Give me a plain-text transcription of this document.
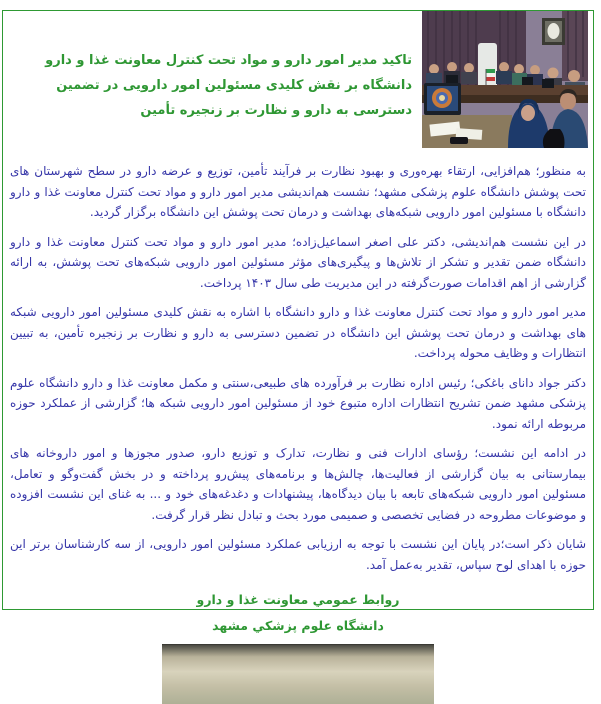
تاکید مدیر امور دارو و مواد تحت کنترل معاونت غذا و دارو دانشگاه بر نقش کلیدی مسئولین امور دارویی در تضمین دسترسی به دارو و نظارت بر زنجیره تأمین

به منظور؛ هم‌افزایی، ارتقاء بهره‌وری و بهبود نظارت بر فرآیند تأمین، توزیع و عرضه دارو در سطح شهرستان های تحت پوشش دانشگاه علوم پزشکی مشهد؛ نشست هم‌اندیشی مدیر امور دارو و مواد تحت کنترل معاونت غذا و دارو دانشگاه با مسئولین امور دارویی شبکه‌های بهداشت و درمان تحت پوشش این دانشگاه برگزار گردید.

در این نشست هم‌اندیشی، دکتر علی اصغر اسماعیل‌زاده؛ مدیر امور دارو و مواد تحت کنترل معاونت غذا و دارو دانشگاه ضمن تقدیر و تشکر از تلاش‌ها و پیگیری‌های مؤثر مسئولین امور دارویی شبکه‌های تحت پوشش، به ارائه گزارشی از اهم اقدامات صورت‌گرفته در این مدیریت طی سال ۱۴۰۳ پرداخت.

مدیر امور دارو و مواد تحت کنترل معاونت غذا و دارو دانشگاه با اشاره به نقش کلیدی مسئولین امور دارویی شبکه های بهداشت و درمان تحت پوشش این دانشگاه در تضمین دسترسی به دارو و نظارت بر زنجیره تأمین، به تبیین انتظارات و وظایف محوله پرداخت.

دکتر جواد دانای باغکی؛ رئیس اداره نظارت بر فرآورده های طبیعی،سنتی و مکمل معاونت غذا و دارو دانشگاه علوم پزشکی مشهد ضمن تشریح انتظارات اداره متبوع خود از مسئولین امور دارویی شبکه ها؛ گزارشی از عملکرد حوزه مربوطه ارائه نمود.

در ادامه این نشست؛ رؤسای ادارات فنی و نظارت، تدارک و توزیع دارو، صدور مجوزها و امور داروخانه های بیمارستانی به بیان گزارشی از فعالیت‌ها، چالش‌ها و برنامه‌های پیش‌رو پرداخته و در بخش گفت‌وگو و تعامل، مسئولین امور دارویی شبکه‌های تابعه با بیان دیدگاه‌ها، پیشنهادات و دغدغه‌های خود و ... به غنای این نشست افزوده و موضوعات مطروحه در فضایی تخصصی و صمیمی مورد بحث و تبادل نظر قرار گرفت.

شایان ذکر است؛در پایان این نشست با توجه به ارزیابی عملکرد مسئولین امور دارویی، از سه کارشناسان برتر این حوزه با اهدای لوح سپاس، تقدیر به‌عمل آمد.

روابط عمومي معاونت غذا و دارو
دانشگاه علوم پزشكي مشهد
